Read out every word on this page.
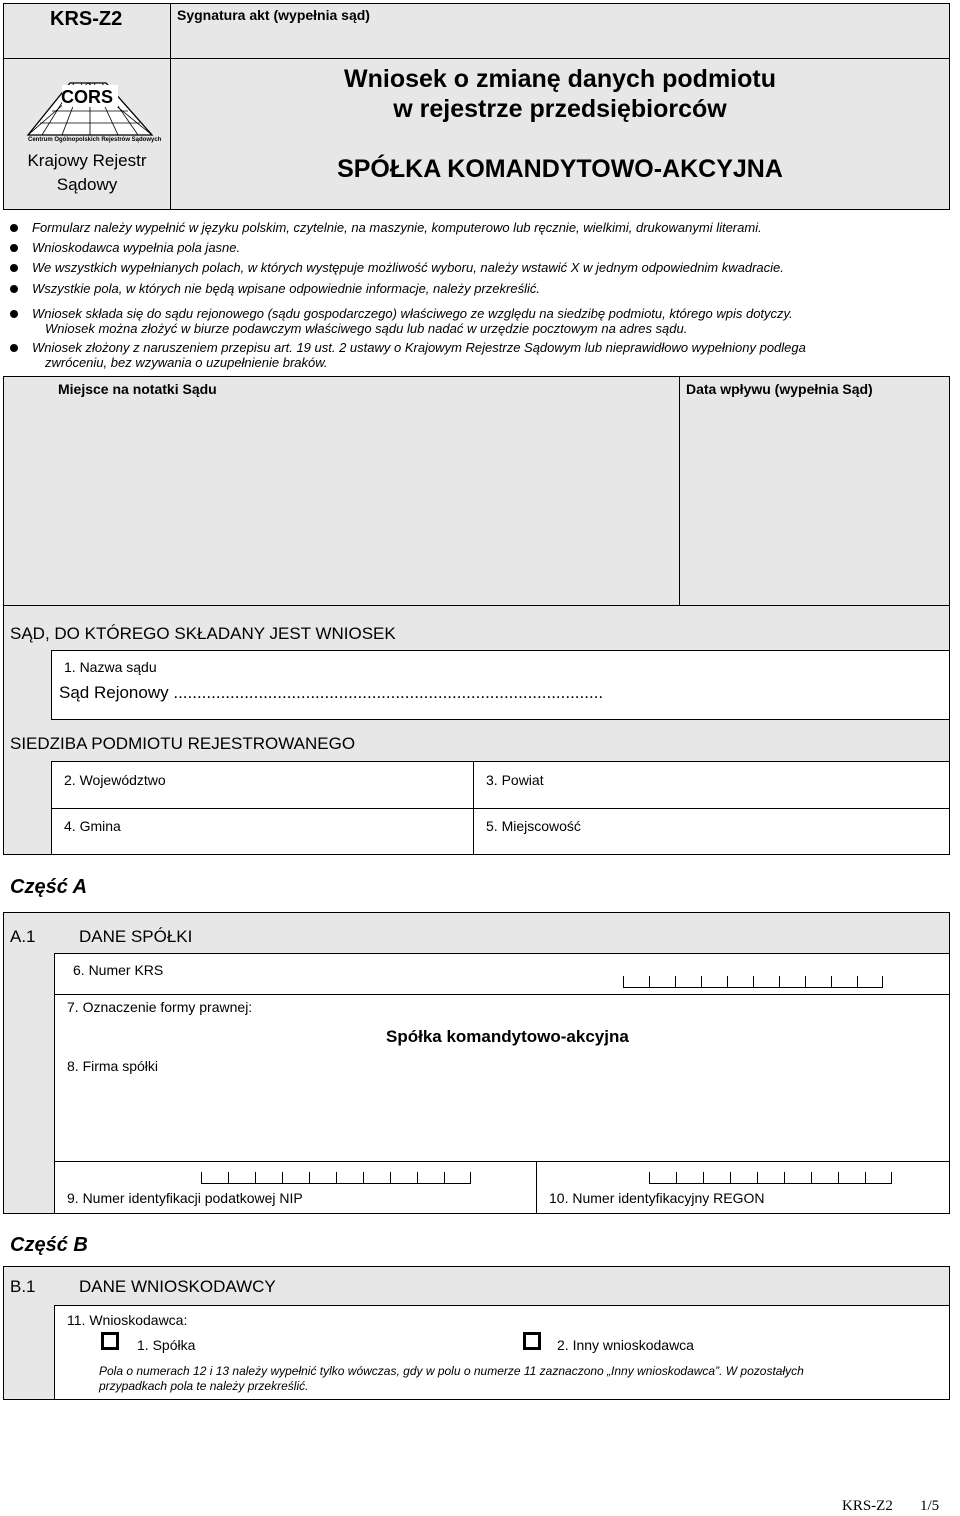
KRS-Z2	Sygnatura akt (wypełnia sąd)
CORS
Centrum Ogólnopolskich Rejestrów Sądowych
Krajowy Rejestr
Sądowy
Wniosek o zmianę danych podmiotu
w rejestrze przedsiębiorców
SPÓŁKA KOMANDYTOWO-AKCYJNA
Formularz należy wypełnić w języku polskim, czytelnie, na maszynie, komputerowo lub ręcznie, wielkimi, drukowanymi literami.
Wnioskodawca wypełnia pola jasne.
We wszystkich wypełnianych polach, w których występuje możliwość wyboru, należy wstawić X w jednym odpowiednim kwadracie.
Wszystkie pola, w których nie będą wpisane odpowiednie informacje, należy przekreślić.
Wniosek składa się do sądu rejonowego (sądu gospodarczego) właściwego ze względu na siedzibę podmiotu, którego wpis dotyczy.
Wniosek można złożyć w biurze podawczym właściwego sądu lub nadać w urzędzie pocztowym na adres sądu.
Wniosek złożony z naruszeniem przepisu art. 19 ust. 2 ustawy o Krajowym Rejestrze Sądowym lub nieprawidłowo wypełniony podlega
zwróceniu, bez wzywania o uzupełnienie braków.
Miejsce na notatki Sądu	Data wpływu (wypełnia Sąd)
SĄD, DO KTÓREGO SKŁADANY JEST WNIOSEK
1. Nazwa sądu
Sąd Rejonowy ...........................................................................................
SIEDZIBA PODMIOTU REJESTROWANEGO
2. Województwo	3. Powiat
4. Gmina	5. Miejscowość
Część A
A.1	DANE SPÓŁKI
6. Numer KRS
7. Oznaczenie formy prawnej:
Spółka komandytowo-akcyjna
8. Firma spółki
9. Numer identyfikacji podatkowej NIP	10. Numer identyfikacyjny REGON
Część B
B.1	DANE WNIOSKODAWCY
11. Wnioskodawca:
1. Spółka	2. Inny wnioskodawca
Pola o numerach 12 i 13 należy wypełnić tylko wówczas, gdy w polu o numerze 11 zaznaczono „Inny wnioskodawca”. W pozostałych
przypadkach pola te należy przekreślić.
KRS-Z2 1/5
